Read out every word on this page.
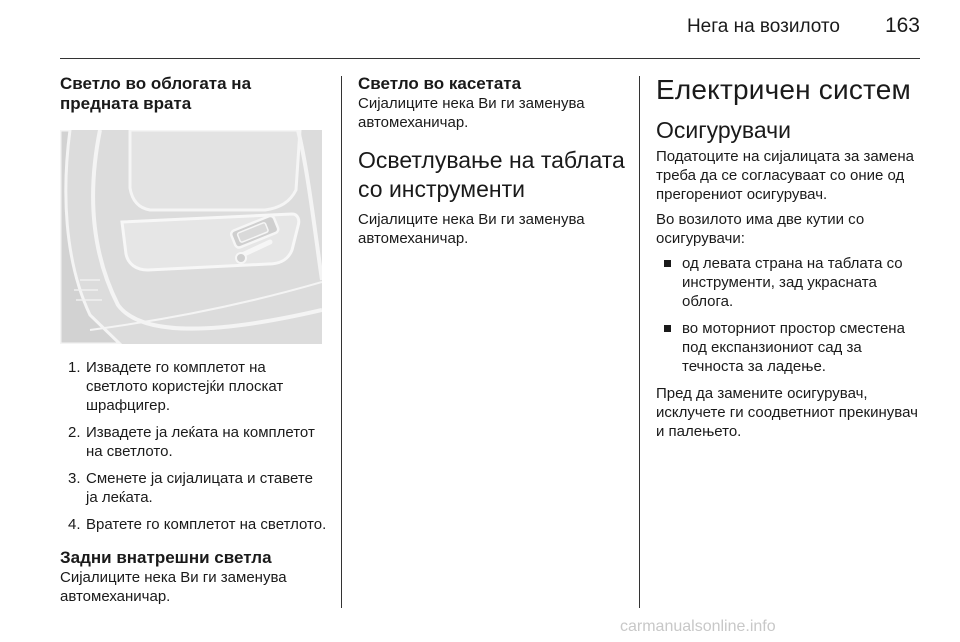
Нега на возилото	163
Светло во облогата на предната врата
1. Извадете го комплетот на светлото користејќи плоскат шрафцигер.
2. Извадете ја леќата на комплетот на светлото.
3. Сменете ја сијалицата и ставете ја леќата.
4. Вратете го комплетот на светлото.
Задни внатрешни светла

Сијалиците нека Ви ги заменува автомеханичар.

Светло во касетата

Сијалиците нека Ви ги заменува автомеханичар.

Осветлување на таблата со инструменти

Сијалиците нека Ви ги заменува автомеханичар.

Електричен систем
Осигурувачи

Податоците на сијалицата за замена треба да се согласуваат со оние од прегорениот осигурувач.

Во возилото има две кутии со осигурувачи:

од левата страна на таблата со инструменти, зад украсната облога.
во моторниот простор сместена под експанзиониот сад за течноста за ладење.

Пред да замените осигурувач, исклучете ги соодветниот прекинувач и палењето.

carmanualsonline.info
